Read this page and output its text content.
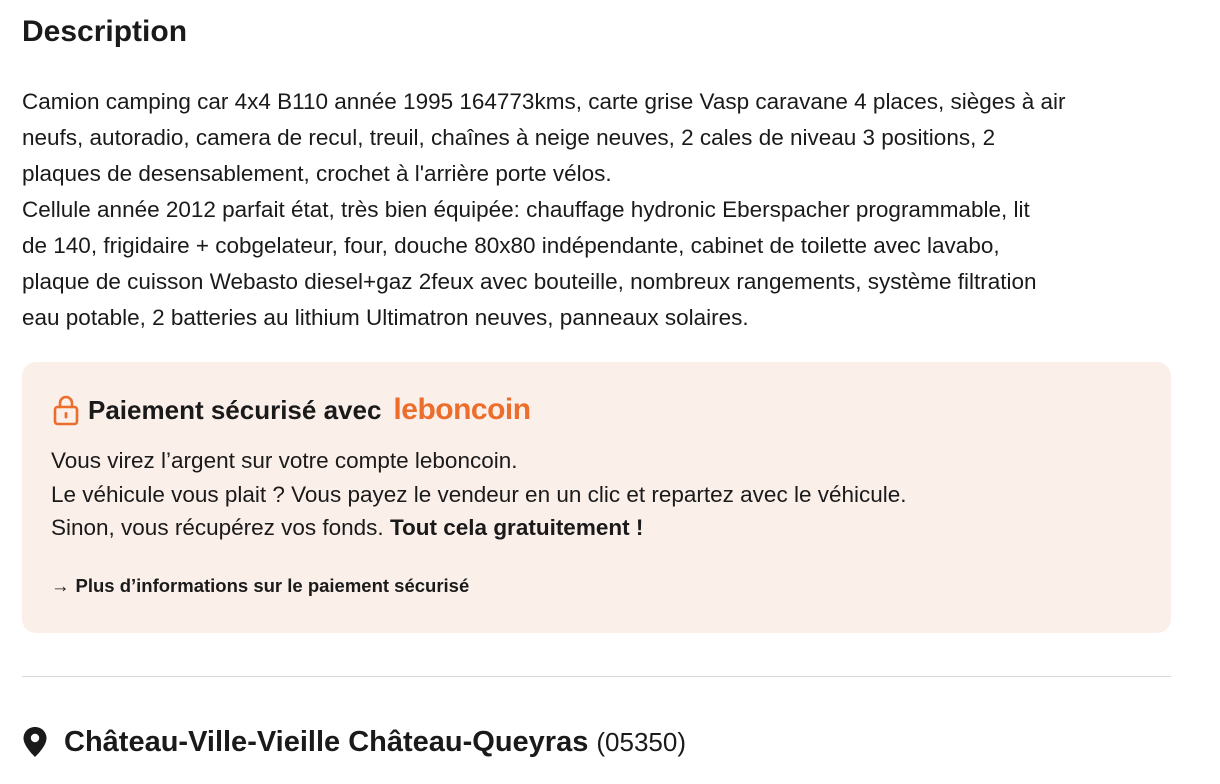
Description

Camion camping car 4x4 B110 année 1995 164773kms, carte grise Vasp caravane 4 places, sièges à air
neufs, autoradio, camera de recul, treuil, chaînes à neige neuves, 2 cales de niveau 3 positions, 2
plaques de desensablement, crochet à l'arrière porte vélos.
Cellule année 2012 parfait état, très bien équipée: chauffage hydronic Eberspacher programmable, lit
de 140, frigidaire + cobgelateur, four, douche 80x80 indépendante, cabinet de toilette avec lavabo,
plaque de cuisson Webasto diesel+gaz 2feux avec bouteille, nombreux rangements, système filtration
eau potable, 2 batteries au lithium Ultimatron neuves, panneaux solaires.

Paiement sécurisé avec leboncoin

Vous virez l’argent sur votre compte leboncoin.
Le véhicule vous plait ? Vous payez le vendeur en un clic et repartez avec le véhicule.
Sinon, vous récupérez vos fonds. Tout cela gratuitement !

→ Plus d’informations sur le paiement sécurisé
Château-Ville-Vieille Château-Queyras (05350)
